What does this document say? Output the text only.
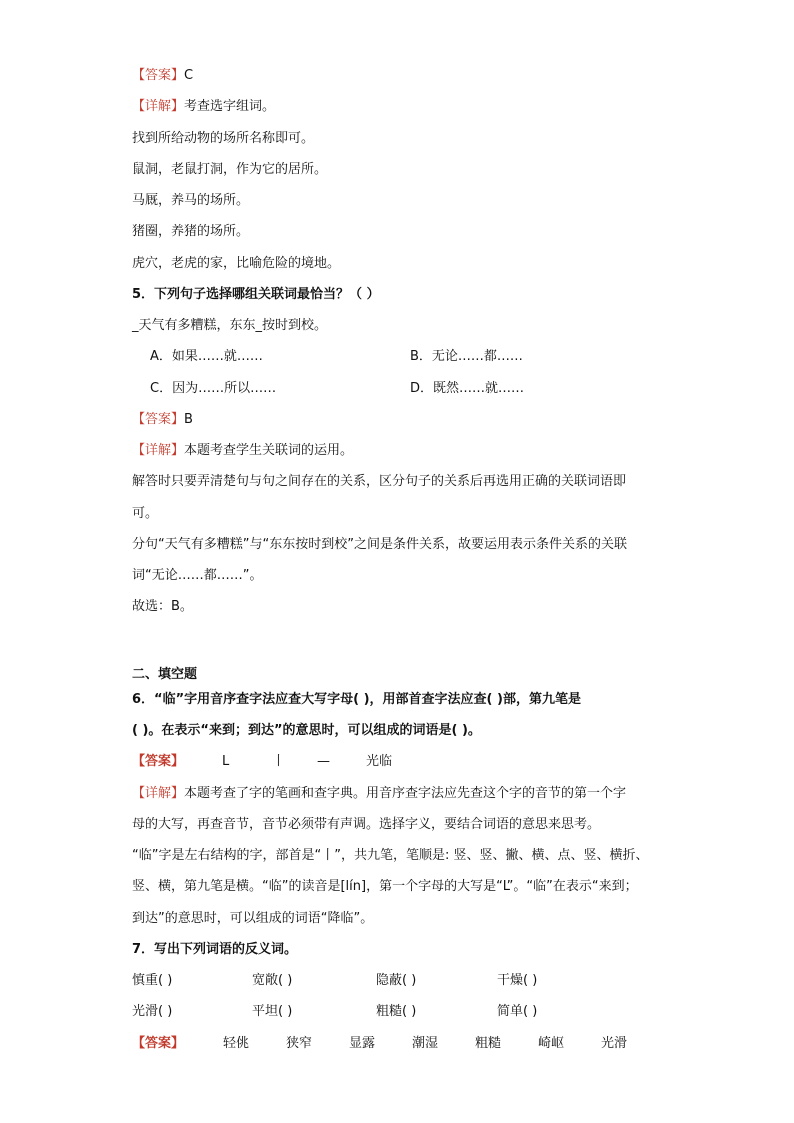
【答案】C
【详解】考查选字组词。
找到所给动物的场所名称即可。
鼠洞，老鼠打洞，作为它的居所。
马厩，养马的场所。
猪圈，养猪的场所。
虎穴，老虎的家，比喻危险的境地。
5．下列句子选择哪组关联词最恰当？（ ）
_天气有多糟糕，东东_按时到校。
A．如果……就……	B．无论……都……
C．因为……所以……	D．既然……就……
【答案】B
【详解】本题考查学生关联词的运用。
解答时只要弄清楚句与句之间存在的关系，区分句子的关系后再选用正确的关联词语即
可。
分句“天气有多糟糕”与“东东按时到校”之间是条件关系，故要运用表示条件关系的关联
词“无论……都……”。
故选：B。
二、填空题
6．“临”字用音序查字法应查大写字母( )，用部首查字法应查( )部，第九笔是
( )。在表示“来到；到达”的意思时，可以组成的词语是( )。
【答案】	L	丨 —	光临
【详解】本题考查了字的笔画和查字典。用音序查字法应先查这个字的音节的第一个字
母的大写，再查音节，音节必须带有声调。选择字义，要结合词语的意思来思考。
“临”字是左右结构的字，部首是“丨”，共九笔，笔顺是: 竖、竖、撇、横、点、竖、横折、
竖、横，第九笔是横。“临”的读音是[lín]，第一个字母的大写是“L”。“临”在表示“来到；
到达”的意思时，可以组成的词语“降临”。
7．写出下列词语的反义词。
慎重( )	宽敞( )	隐蔽( )	干燥( )
光滑( )	平坦( )	粗糙( )	简单( )
【答案】	轻佻	狭窄	显露	潮湿	粗糙	崎岖	光滑
